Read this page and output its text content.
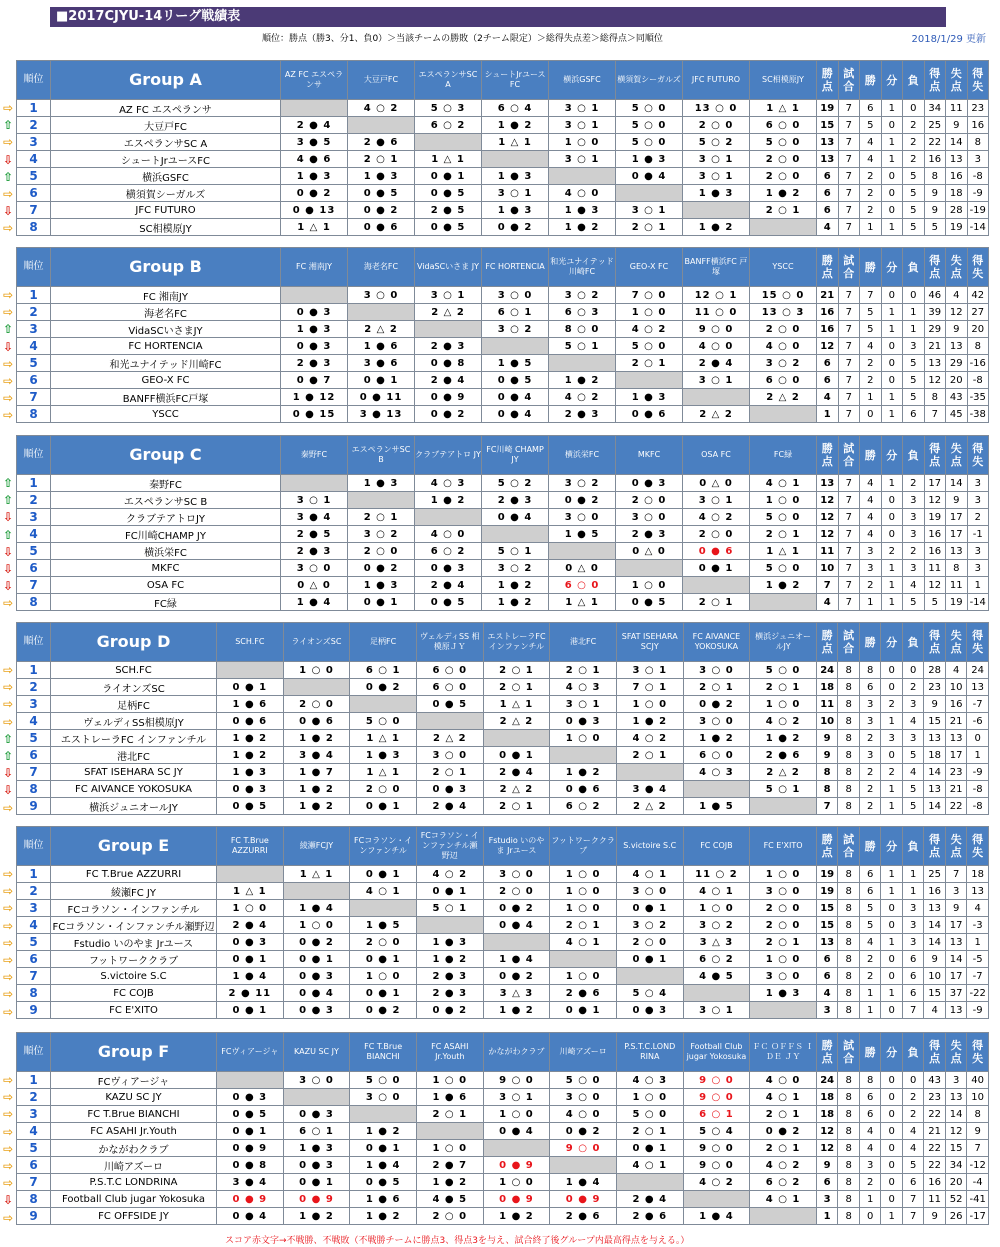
■2017CJYU-14リーグ戦績表
順位：勝点（勝3、分1、負0）＞当該チームの勝敗（2チーム限定）＞総得失点差＞総得点＞同順位	2018/1/29 更新
⇨
⇧
⇨
⇩
⇧
⇨
⇩
⇨
順位	Group A	AZ FC エスペランサ	大豆戸FC	エスペランサSC A	シュートJrユースFC	横浜GSFC	横須賀シーガルズ	JFC FUTURO	SC相模原JY	勝点	試合	勝	分	負	得点	失点	得失
1	AZ FC エスペランサ		4 ○ 2	5 ○ 3	6 ○ 4	3 ○ 1	5 ○ 0	13 ○ 0	1 △ 1	19	7	6	1	0	34	11	23
2	大豆戸FC	2 ● 4		6 ○ 2	1 ● 2	3 ○ 1	5 ○ 0	2 ○ 0	6 ○ 0	15	7	5	0	2	25	9	16
3	エスペランサSC A	3 ● 5	2 ● 6		1 △ 1	1 ○ 0	5 ○ 0	5 ○ 2	5 ○ 0	13	7	4	1	2	22	14	8
4	シュートJrユースFC	4 ● 6	2 ○ 1	1 △ 1		3 ○ 1	1 ● 3	3 ○ 1	2 ○ 0	13	7	4	1	2	16	13	3
5	横浜GSFC	1 ● 3	1 ● 3	0 ● 1	1 ● 3		0 ● 4	3 ○ 1	2 ○ 0	6	7	2	0	5	8	16	-8
6	横須賀シーガルズ	0 ● 2	0 ● 5	0 ● 5	3 ○ 1	4 ○ 0		1 ● 3	1 ● 2	6	7	2	0	5	9	18	-9
7	JFC FUTURO	0 ● 13	0 ● 2	2 ● 5	1 ● 3	1 ● 3	3 ○ 1		2 ○ 1	6	7	2	0	5	9	28	-19
8	SC相模原JY	1 △ 1	0 ● 6	0 ● 5	0 ● 2	1 ● 2	2 ○ 1	1 ● 2		4	7	1	1	5	5	19	-14
⇨
⇨
⇧
⇩
⇨
⇨
⇨
⇨
順位	Group B	FC 湘南JY	海老名FC	VidaSCいさま JY	FC HORTENCIA	和光ユナイテッド川崎FC	GEO-X FC	BANFF横浜FC 戸塚	YSCC	勝点	試合	勝	分	負	得点	失点	得失
1	FC 湘南JY		3 ○ 0	3 ○ 1	3 ○ 0	3 ○ 2	7 ○ 0	12 ○ 1	15 ○ 0	21	7	7	0	0	46	4	42
2	海老名FC	0 ● 3		2 △ 2	6 ○ 1	6 ○ 3	1 ○ 0	11 ○ 0	13 ○ 3	16	7	5	1	1	39	12	27
3	VidaSCいさまJY	1 ● 3	2 △ 2		3 ○ 2	8 ○ 0	4 ○ 2	9 ○ 0	2 ○ 0	16	7	5	1	1	29	9	20
4	FC HORTENCIA	0 ● 3	1 ● 6	2 ● 3		5 ○ 1	5 ○ 0	4 ○ 0	4 ○ 0	12	7	4	0	3	21	13	8
5	和光ユナイテッド川崎FC	2 ● 3	3 ● 6	0 ● 8	1 ● 5		2 ○ 1	2 ● 4	3 ○ 2	6	7	2	0	5	13	29	-16
6	GEO-X FC	0 ● 7	0 ● 1	2 ● 4	0 ● 5	1 ● 2		3 ○ 1	6 ○ 0	6	7	2	0	5	12	20	-8
7	BANFF横浜FC戸塚	1 ● 12	0 ● 11	0 ● 9	0 ● 4	4 ○ 2	1 ● 3		2 △ 2	4	7	1	1	5	8	43	-35
8	YSCC	0 ● 15	3 ● 13	0 ● 2	0 ● 4	2 ● 3	0 ● 6	2 △ 2		1	7	0	1	6	7	45	-38
⇧
⇧
⇩
⇧
⇩
⇩
⇩
⇨
順位	Group C	秦野FC	エスペランサSC B	クラブテアトロ JY	FC川崎 CHAMP JY	横浜栄FC	MKFC	OSA FC	FC緑	勝点	試合	勝	分	負	得点	失点	得失
1	秦野FC		1 ● 3	4 ○ 3	5 ○ 2	3 ○ 2	0 ● 3	0 △ 0	4 ○ 1	13	7	4	1	2	17	14	3
2	エスペランサSC B	3 ○ 1		1 ● 2	2 ● 3	0 ● 2	2 ○ 0	3 ○ 1	1 ○ 0	12	7	4	0	3	12	9	3
3	クラブテアトロJY	3 ● 4	2 ○ 1		0 ● 4	3 ○ 0	3 ○ 0	4 ○ 2	5 ○ 0	12	7	4	0	3	19	17	2
4	FC川崎CHAMP JY	2 ● 5	3 ○ 2	4 ○ 0		1 ● 5	2 ● 3	2 ○ 0	2 ○ 1	12	7	4	0	3	16	17	-1
5	横浜栄FC	2 ● 3	2 ○ 0	6 ○ 2	5 ○ 1		0 △ 0	0 ● 6	1 △ 1	11	7	3	2	2	16	13	3
6	MKFC	3 ○ 0	0 ● 2	0 ● 3	3 ○ 2	0 △ 0		0 ● 1	5 ○ 0	10	7	3	1	3	11	8	3
7	OSA FC	0 △ 0	1 ● 3	2 ● 4	1 ● 2	6 ○ 0	1 ○ 0		1 ● 2	7	7	2	1	4	12	11	1
8	FC緑	1 ● 4	0 ● 1	0 ● 5	1 ● 2	1 △ 1	0 ● 5	2 ○ 1		4	7	1	1	5	5	19	-14
⇨
⇨
⇨
⇨
⇧
⇧
⇩
⇩
⇨
順位	Group D	SCH.FC	ライオンズSC	足柄FC	ヴェルディSS 相模原ＪＹ	エストレーラFC インファンチル	港北FC	SFAT ISEHARA SCJY	FC AIVANCE YOKOSUKA	横浜ジュニオー ルJY	勝点	試合	勝	分	負	得点	失点	得失
1	SCH.FC		1 ○ 0	6 ○ 1	6 ○ 0	2 ○ 1	2 ○ 1	3 ○ 1	3 ○ 0	5 ○ 0	24	8	8	0	0	28	4	24
2	ライオンズSC	0 ● 1		0 ● 2	6 ○ 0	2 ○ 1	4 ○ 3	7 ○ 1	2 ○ 1	2 ○ 1	18	8	6	0	2	23	10	13
3	足柄FC	1 ● 6	2 ○ 0		0 ● 5	1 △ 1	3 ○ 1	1 ○ 0	0 ● 2	1 ○ 0	11	8	3	2	3	9	16	-7
4	ヴェルディSS相模原JY	0 ● 6	0 ● 6	5 ○ 0		2 △ 2	0 ● 3	1 ● 2	3 ○ 0	4 ○ 2	10	8	3	1	4	15	21	-6
5	エストレーラFC インファンチル	1 ● 2	1 ● 2	1 △ 1	2 △ 2		1 ○ 0	4 ○ 2	1 ● 2	1 ● 2	9	8	2	3	3	13	13	0
6	港北FC	1 ● 2	3 ● 4	1 ● 3	3 ○ 0	0 ● 1		2 ○ 1	6 ○ 0	2 ● 6	9	8	3	0	5	18	17	1
7	SFAT ISEHARA SC JY	1 ● 3	1 ● 7	1 △ 1	2 ○ 1	2 ● 4	1 ● 2		4 ○ 3	2 △ 2	8	8	2	2	4	14	23	-9
8	FC AIVANCE YOKOSUKA	0 ● 3	1 ● 2	2 ○ 0	0 ● 3	2 △ 2	0 ● 6	3 ● 4		5 ○ 1	8	8	2	1	5	13	21	-8
9	横浜ジュニオールJY	0 ● 5	1 ● 2	0 ● 1	2 ● 4	2 ○ 1	6 ○ 2	2 △ 2	1 ● 5		7	8	2	1	5	14	22	-8
⇨
⇨
⇨
⇨
⇨
⇨
⇨
⇨
⇨
順位	Group E	FC T.Brue AZZURRI	綾瀬FCJY	FCコラソン・イ ンファンチル	FCコラソン・イ ンファンチル瀬 野辺	Fstudio いのや ま Jrユース	フットワーククラ ブ	S.victoire S.C	FC COJB	FC E'XITO	勝点	試合	勝	分	負	得点	失点	得失
1	FC T.Brue AZZURRI		1 △ 1	0 ● 1	4 ○ 2	3 ○ 0	1 ○ 0	4 ○ 1	11 ○ 2	1 ○ 0	19	8	6	1	1	25	7	18
2	綾瀬FC JY	1 △ 1		4 ○ 1	0 ● 1	2 ○ 0	1 ○ 0	3 ○ 0	4 ○ 1	3 ○ 0	19	8	6	1	1	16	3	13
3	FCコラソン・インファンチル	1 ○ 0	1 ● 4		5 ○ 1	0 ● 2	1 ○ 0	0 ● 1	1 ○ 0	2 ○ 0	15	8	5	0	3	13	9	4
4	FCコラソン・インファンチル瀬野辺	2 ● 4	1 ○ 0	1 ● 5		0 ● 4	2 ○ 1	3 ○ 2	3 ○ 2	2 ○ 0	15	8	5	0	3	14	17	-3
5	Fstudio いのやま Jrユース	0 ● 3	0 ● 2	2 ○ 0	1 ● 3		4 ○ 1	2 ○ 0	3 △ 3	2 ○ 1	13	8	4	1	3	14	13	1
6	フットワーククラブ	0 ● 1	0 ● 1	0 ● 1	1 ● 2	1 ● 4		0 ● 1	6 ○ 2	1 ○ 0	6	8	2	0	6	9	14	-5
7	S.victoire S.C	1 ● 4	0 ● 3	1 ○ 0	2 ● 3	0 ● 2	1 ○ 0		4 ● 5	3 ○ 0	6	8	2	0	6	10	17	-7
8	FC COJB	2 ● 11	0 ● 4	0 ● 1	2 ● 3	3 △ 3	2 ● 6	5 ○ 4		1 ● 3	4	8	1	1	6	15	37	-22
9	FC E'XITO	0 ● 1	0 ● 3	0 ● 2	0 ● 2	1 ● 2	0 ● 1	0 ● 3	3 ○ 1		3	8	1	0	7	4	13	-9
⇨
⇨
⇨
⇨
⇨
⇨
⇨
⇩
⇨
順位	Group F	FCヴィアージャ	KAZU SC JY	FC T.Brue BIANCHI	FC ASAHI Jr.Youth	かながわクラブ	川崎アズーロ	P.S.T.C.LOND RINA	Football Club jugar Yokosuka	ＦＣ ＯＦＦＳ ＩＤＥ ＪＹ	勝点	試合	勝	分	負	得点	失点	得失
1	FCヴィアージャ		3 ○ 0	5 ○ 0	1 ○ 0	9 ○ 0	5 ○ 0	4 ○ 3	9 ○ 0	4 ○ 0	24	8	8	0	0	43	3	40
2	KAZU SC JY	0 ● 3		3 ○ 0	1 ● 6	3 ○ 1	3 ○ 0	1 ○ 0	9 ○ 0	4 ○ 1	18	8	6	0	2	23	13	10
3	FC T.Brue BIANCHI	0 ● 5	0 ● 3		2 ○ 1	1 ○ 0	4 ○ 0	5 ○ 0	6 ○ 1	2 ○ 1	18	8	6	0	2	22	14	8
4	FC ASAHI Jr.Youth	0 ● 1	6 ○ 1	1 ● 2		0 ● 4	0 ● 2	2 ○ 1	5 ○ 4	0 ● 2	12	8	4	0	4	21	12	9
5	かながわクラブ	0 ● 9	1 ● 3	0 ● 1	1 ○ 0		9 ○ 0	0 ● 1	9 ○ 0	2 ○ 1	12	8	4	0	4	22	15	7
6	川崎アズーロ	0 ● 8	0 ● 3	1 ● 4	2 ● 7	0 ● 9		4 ○ 1	9 ○ 0	4 ○ 2	9	8	3	0	5	22	34	-12
7	P.S.T.C LONDRINA	3 ● 4	0 ● 1	0 ● 5	1 ● 2	1 ○ 0	1 ● 4		4 ○ 2	6 ○ 2	6	8	2	0	6	16	20	-4
8	Football Club jugar Yokosuka	0 ● 9	0 ● 9	1 ● 6	4 ● 5	0 ● 9	0 ● 9	2 ● 4		4 ○ 1	3	8	1	0	7	11	52	-41
9	FC OFFSIDE JY	0 ● 4	1 ● 2	1 ● 2	2 ○ 0	1 ● 2	2 ● 6	2 ● 6	1 ● 4		1	8	0	1	7	9	26	-17
スコア赤文字→不戦勝、不戦敗（不戦勝チームに勝点3、得点3を与え、試合終了後グループ内最高得点を与える。）
